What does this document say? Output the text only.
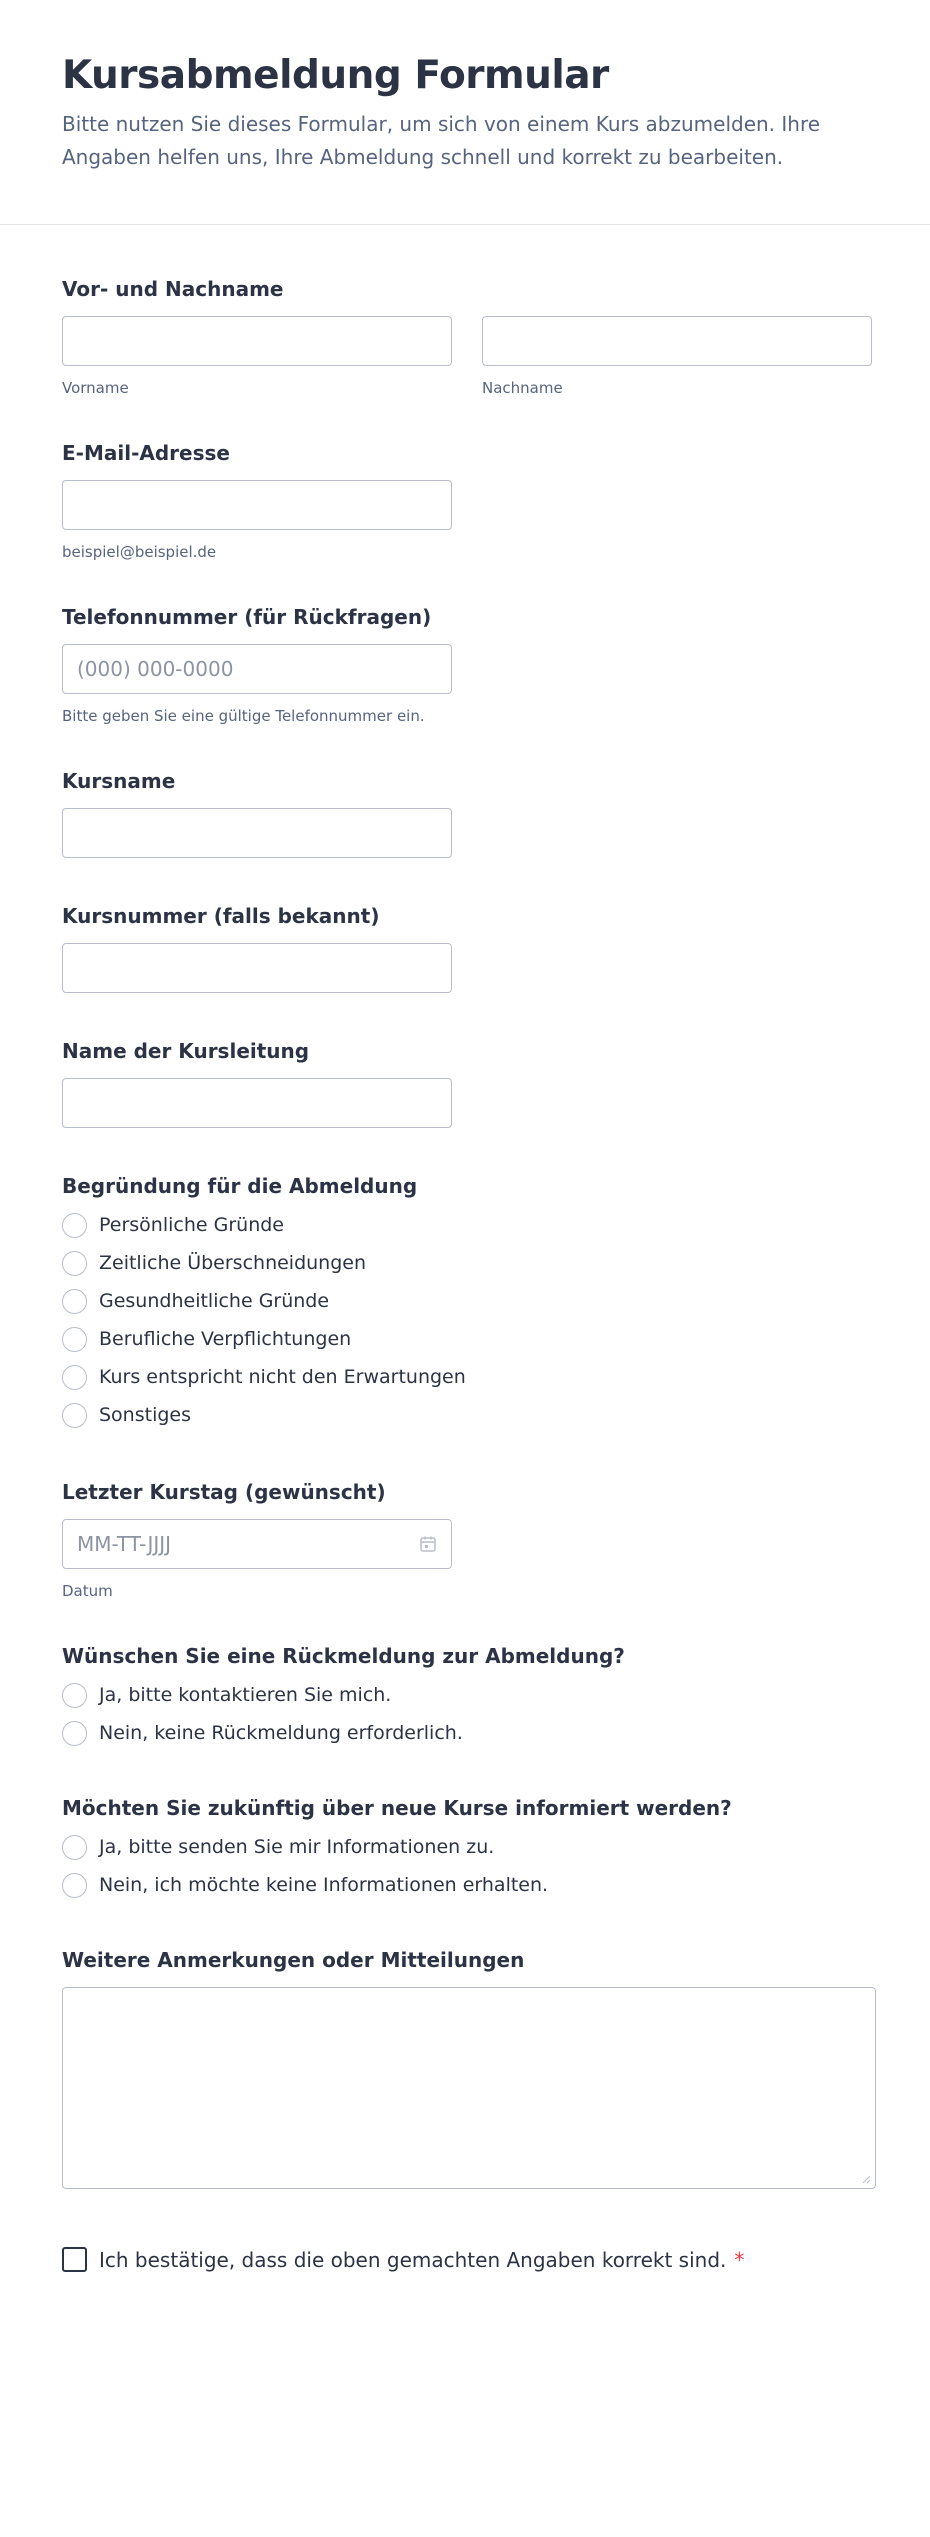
Kursabmeldung Formular
Bitte nutzen Sie dieses Formular, um sich von einem Kurs abzumelden. Ihre Angaben helfen uns, Ihre Abmeldung schnell und korrekt zu bearbeiten.
Vor- und Nachname
Vorname	Nachname
E-Mail-Adresse
beispiel@beispiel.de
Telefonnummer (für Rückfragen)
(000) 000-0000
Bitte geben Sie eine gültige Telefonnummer ein.
Kursname
Kursnummer (falls bekannt)
Name der Kursleitung
Begründung für die Abmeldung
Persönliche Gründe
Zeitliche Überschneidungen
Gesundheitliche Gründe
Berufliche Verpflichtungen
Kurs entspricht nicht den Erwartungen
Sonstiges
Letzter Kurstag (gewünscht)
MM-TT-JJJJ
Datum
Wünschen Sie eine Rückmeldung zur Abmeldung?
Ja, bitte kontaktieren Sie mich.
Nein, keine Rückmeldung erforderlich.
Möchten Sie zukünftig über neue Kurse informiert werden?
Ja, bitte senden Sie mir Informationen zu.
Nein, ich möchte keine Informationen erhalten.
Weitere Anmerkungen oder Mitteilungen
Ich bestätige, dass die oben gemachten Angaben korrekt sind. *
